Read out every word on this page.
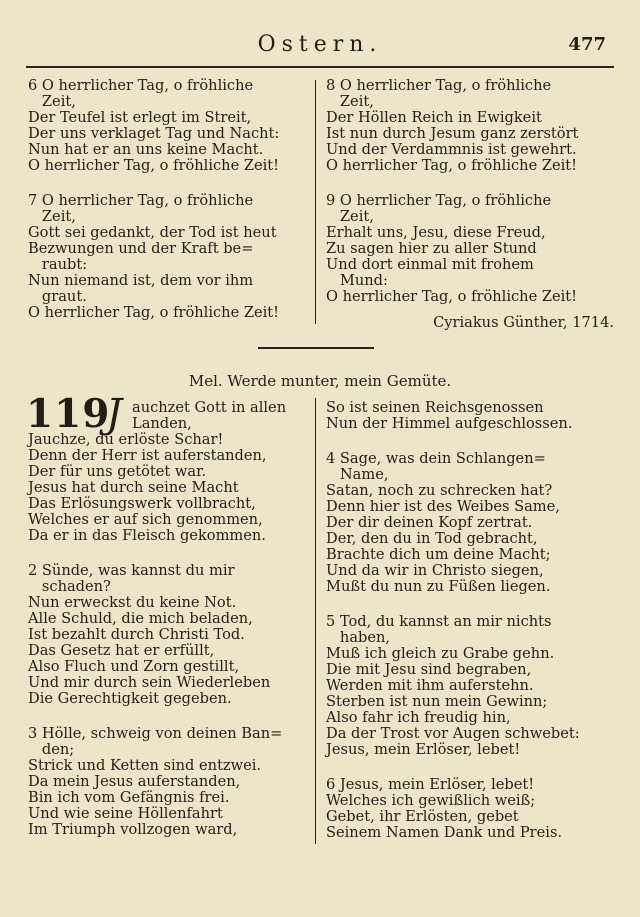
Ostern.	477

6 O herrlicher Tag, o fröhliche

Zeit,

Der Teufel ist erlegt im Streit,

Der uns verklaget Tag und Nacht:

Nun hat er an uns keine Macht.

O herrlicher Tag, o fröhliche Zeit!

7 O herrlicher Tag, o fröhliche

Zeit,

Gott sei gedankt, der Tod ist heut

Bezwungen und der Kraft be=

raubt:

Nun niemand ist, dem vor ihm

graut.

O herrlicher Tag, o fröhliche Zeit!

8 O herrlicher Tag, o fröhliche

Zeit,

Der Höllen Reich in Ewigkeit

Ist nun durch Jesum ganz zerstört

Und der Verdammnis ist gewehrt.

O herrlicher Tag, o fröhliche Zeit!

9 O herrlicher Tag, o fröhliche

Zeit,

Erhalt uns, Jesu, diese Freud,

Zu sagen hier zu aller Stund

Und dort einmal mit frohem

Mund:

O herrlicher Tag, o fröhliche Zeit!

Cyriakus Günther, 1714.
Mel. Werde munter, mein Gemüte.
119
J auchzet Gott in allen

Landen,

Jauchze, du erlöste Schar!

Denn der Herr ist auferstanden,

Der für uns getötet war.

Jesus hat durch seine Macht

Das Erlösungswerk vollbracht,

Welches er auf sich genommen,

Da er in das Fleisch gekommen.

2 Sünde, was kannst du mir

schaden?

Nun erweckst du keine Not.

Alle Schuld, die mich beladen,

Ist bezahlt durch Christi Tod.

Das Gesetz hat er erfüllt,

Also Fluch und Zorn gestillt,

Und mir durch sein Wiederleben

Die Gerechtigkeit gegeben.

3 Hölle, schweig von deinen Ban=

den;

Strick und Ketten sind entzwei.

Da mein Jesus auferstanden,

Bin ich vom Gefängnis frei.

Und wie seine Höllenfahrt

Im Triumph vollzogen ward,

So ist seinen Reichsgenossen

Nun der Himmel aufgeschlossen.

4 Sage, was dein Schlangen=

Name,

Satan, noch zu schrecken hat?

Denn hier ist des Weibes Same,

Der dir deinen Kopf zertrat.

Der, den du in Tod gebracht,

Brachte dich um deine Macht;

Und da wir in Christo siegen,

Mußt du nun zu Füßen liegen.

5 Tod, du kannst an mir nichts

haben,

Muß ich gleich zu Grabe gehn.

Die mit Jesu sind begraben,

Werden mit ihm auferstehn.

Sterben ist nun mein Gewinn;

Also fahr ich freudig hin,

Da der Trost vor Augen schwebet:

Jesus, mein Erlöser, lebet!

6 Jesus, mein Erlöser, lebet!

Welches ich gewißlich weiß;

Gebet, ihr Erlösten, gebet

Seinem Namen Dank und Preis.
